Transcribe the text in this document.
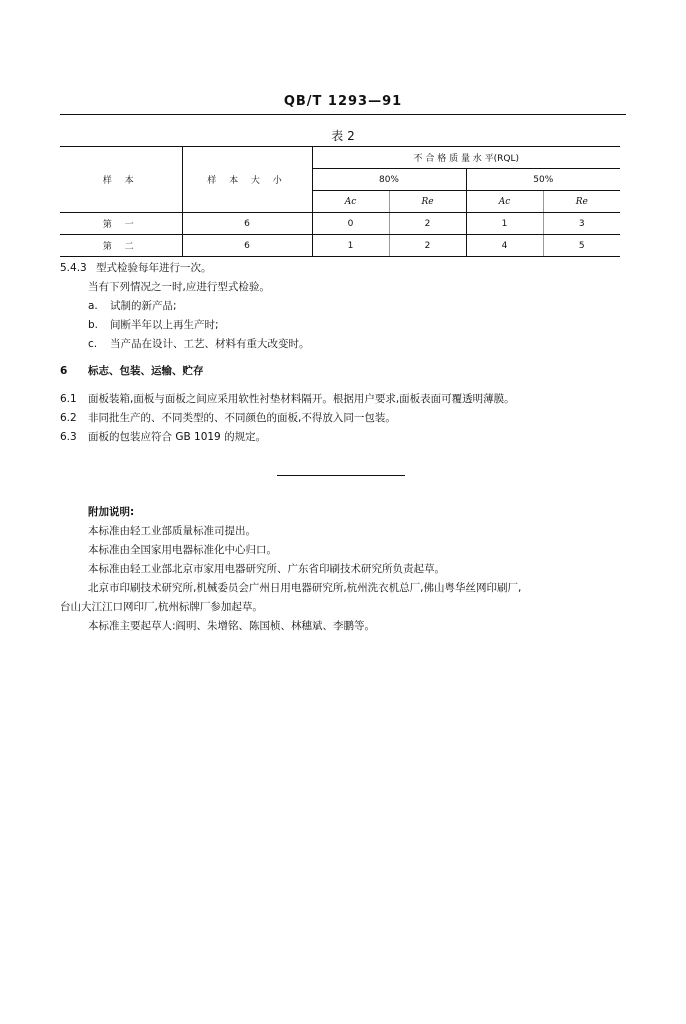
QB/T 1293—91
表 2
样 本	样 本 大 小	不 合 格 质 量 水 平(RQL)			
		80%		50%	
		Ac	Re	Ac	Re
第 一	6	0	2	1	3
第 二	6	1	2	4	5
5.4.3 型式检验每年进行一次。
当有下列情况之一时,应进行型式检验。
a. 试制的新产品;
b. 间断半年以上再生产时;
c. 当产品在设计、工艺、材料有重大改变时。
6 标志、包装、运输、贮存
6.1 面板装箱,面板与面板之间应采用软性衬垫材料隔开。根据用户要求,面板表面可覆透明薄膜。
6.2 非同批生产的、不同类型的、不同颜色的面板,不得放入同一包装。
6.3 面板的包装应符合 GB 1019 的规定。
附加说明:
本标准由轻工业部质量标准司提出。
本标准由全国家用电器标准化中心归口。
本标准由轻工业部北京市家用电器研究所、广东省印刷技术研究所负责起草。
北京市印刷技术研究所,机械委员会广州日用电器研究所,杭州洗衣机总厂,佛山粤华丝网印刷厂,
台山大江江口网印厂,杭州标牌厂参加起草。
本标准主要起草人:阎明、朱增铭、陈国桢、林穗斌、李鹏等。
